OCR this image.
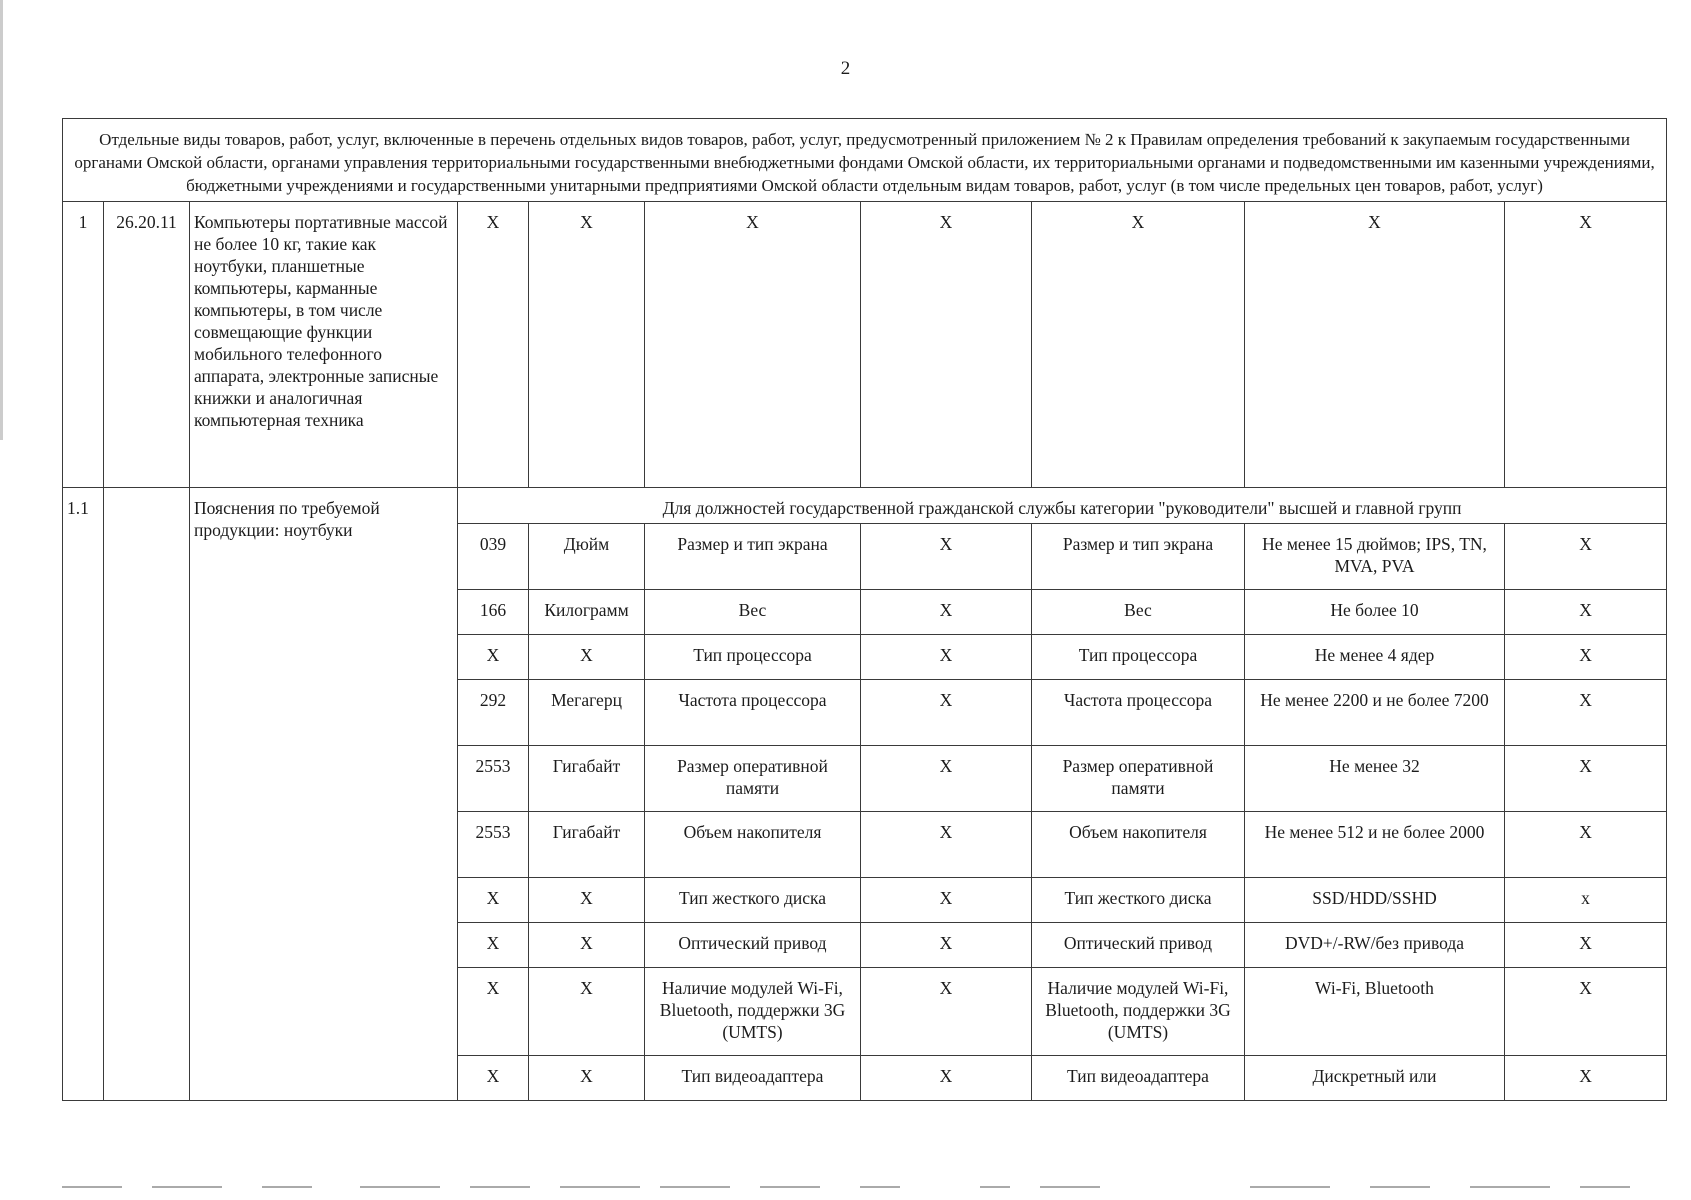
2
Отдельные виды товаров, работ, услуг, включенные в перечень отдельных видов товаров, работ, услуг, предусмотренный приложением № 2 к Правилам определения требований к закупаемым государственными органами Омской области, органами управления территориальными государственными внебюджетными фондами Омской области, их территориальными органами и подведомственными им казенными учреждениями, бюджетными учреждениями и государственными унитарными предприятиями Омской области отдельным видам товаров, работ, услуг (в том числе предельных цен товаров, работ, услуг)									
1	26.20.11	Компьютеры портативные массой не более 10 кг, такие как ноутбуки, планшетные компьютеры, карманные компьютеры, в том числе совмещающие функции мобильного телефонного аппарата, электронные записные книжки и аналогичная компьютерная техника	X	X	X	X	X	X	X
1.1		Пояснения по требуемой продукции: ноутбуки	Для должностей государственной гражданской службы категории "руководители" высшей и главной групп						
			039	Дюйм	Размер и тип экрана	X	Размер и тип экрана	Не менее 15 дюймов; IPS, TN, MVA, PVA	X
			166	Килограмм	Вес	X	Вес	Не более 10	X
			X	X	Тип процессора	X	Тип процессора	Не менее 4 ядер	X
			292	Мегагерц	Частота процессора	X	Частота процессора	Не менее 2200 и не более 7200	X
			2553	Гигабайт	Размер оперативной памяти	X	Размер оперативной памяти	Не менее 32	X
			2553	Гигабайт	Объем накопителя	X	Объем накопителя	Не менее 512 и не более 2000	X
			X	X	Тип жесткого диска	X	Тип жесткого диска	SSD/HDD/SSHD	x
			X	X	Оптический привод	X	Оптический привод	DVD+/-RW/без привода	X
			X	X	Наличие модулей Wi-Fi, Bluetooth, поддержки 3G (UMTS)	X	Наличие модулей Wi-Fi, Bluetooth, поддержки 3G (UMTS)	Wi-Fi, Bluetooth	X
			X	X	Тип видеоадаптера	X	Тип видеоадаптера	Дискретный или	X
